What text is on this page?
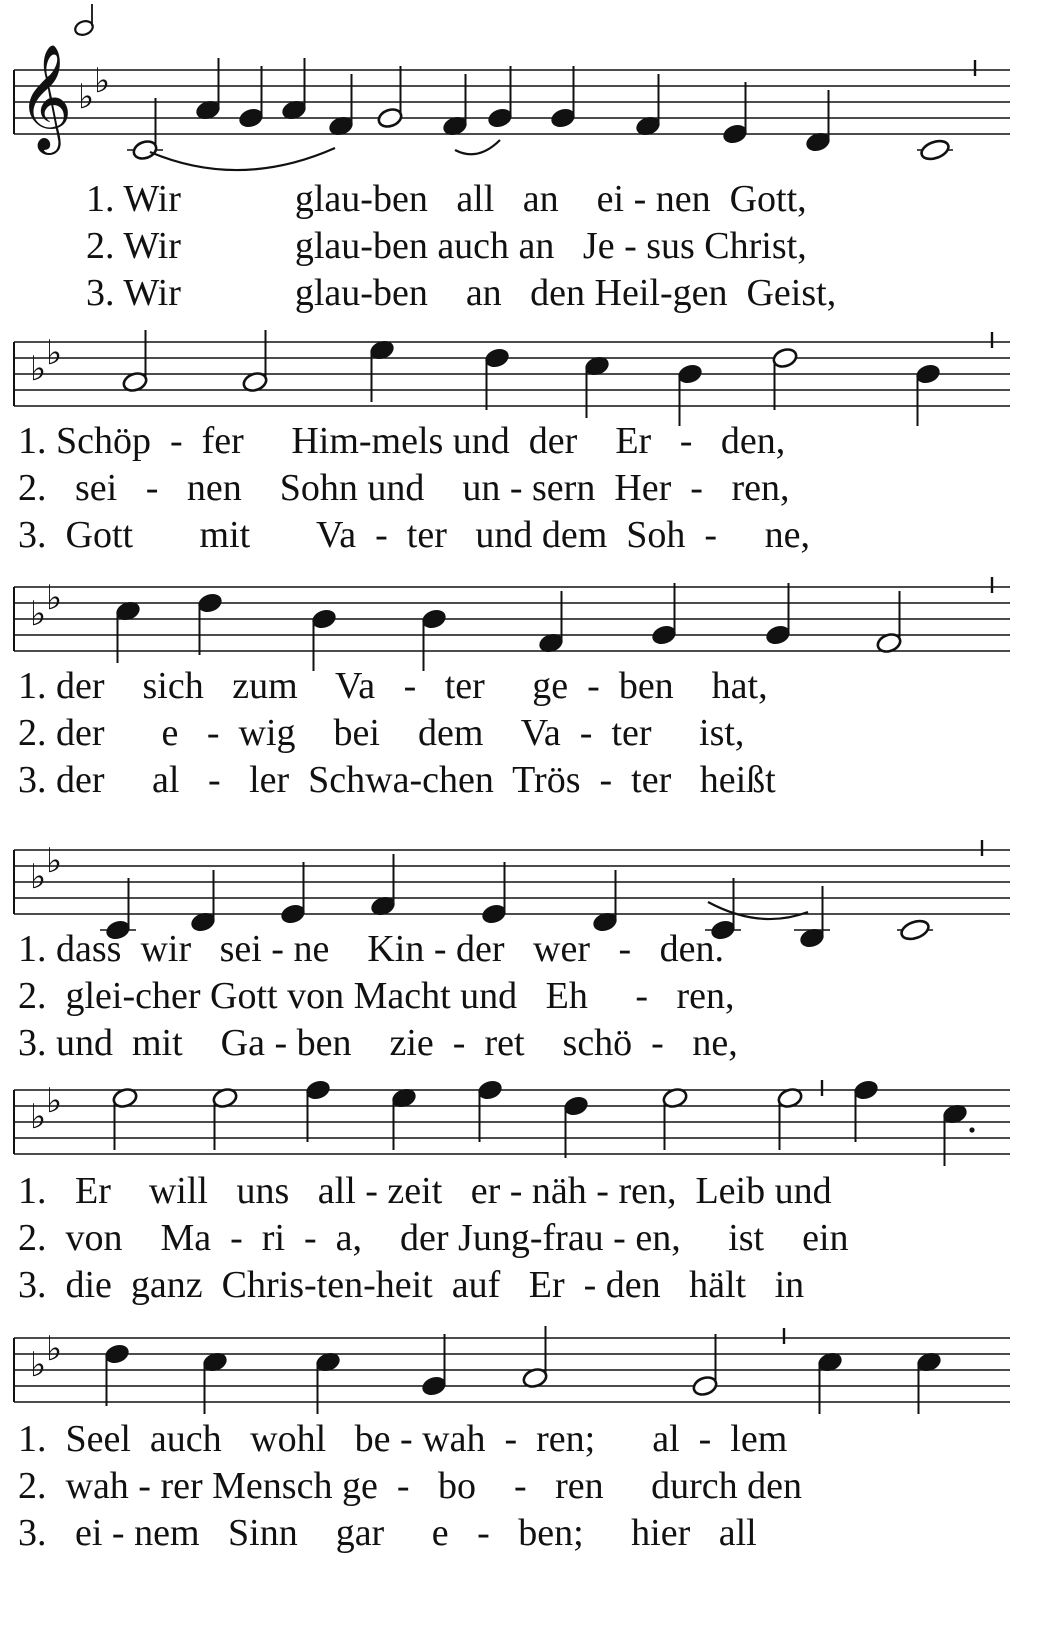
𝄞 ♭ ♭
♭ ♭
♭ ♭
♭ ♭
♭ ♭
♭ ♭
1. Wir            glau-ben   all   an    ei - nen  Gott,
2. Wir            glau-ben auch an   Je - sus Christ,
3. Wir            glau-ben    an   den Heil-gen  Geist,
1. Schöp  -  fer     Him-mels und  der    Er   -   den,
2.   sei   -   nen    Sohn und    un - sern  Her  -   ren,
3.  Gott       mit       Va  -  ter   und dem  Soh  -     ne,
1. der    sich   zum    Va   -   ter     ge  -  ben    hat,
2. der      e   -  wig    bei    dem    Va  -  ter     ist,
3. der     al   -   ler  Schwa-chen  Trös  -  ter   heißt
1. dass  wir   sei - ne    Kin - der   wer   -   den.
2.  glei-cher Gott von Macht und   Eh     -   ren,
3. und  mit    Ga - ben    zie  -  ret    schö  -   ne,
1.   Er    will   uns   all - zeit   er - näh - ren,  Leib und
2.  von    Ma  -  ri  -  a,    der Jung-frau - en,     ist    ein
3.  die  ganz  Chris-ten-heit  auf   Er  - den   hält   in
1.  Seel  auch   wohl   be - wah  -  ren;      al  -  lem
2.  wah - rer Mensch ge  -   bo    -   ren     durch den
3.   ei - nem   Sinn    gar     e   -   ben;     hier   all
